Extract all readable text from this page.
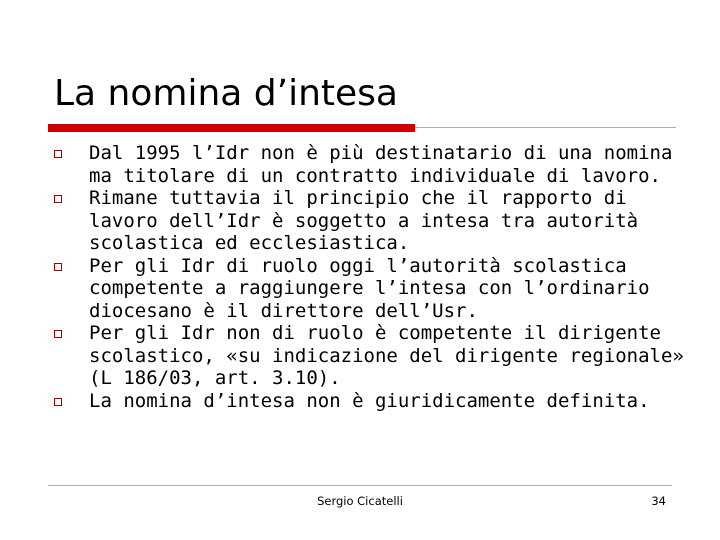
La nomina d’intesa
Dal 1995 l’Idr non è più destinatario di una nomina ma titolare di un contratto individuale di lavoro.
Rimane tuttavia il principio che il rapporto di lavoro dell’Idr è soggetto a intesa tra autorità scolastica ed ecclesiastica.
Per gli Idr di ruolo oggi l’autorità scolastica competente a raggiungere l’intesa con l’ordinario diocesano è il direttore dell’Usr.
Per gli Idr non di ruolo è competente il dirigente scolastico, «su indicazione del dirigente regionale» (L 186/03, art. 3.10).
La nomina d’intesa non è giuridicamente definita.
Sergio Cicatelli	34
